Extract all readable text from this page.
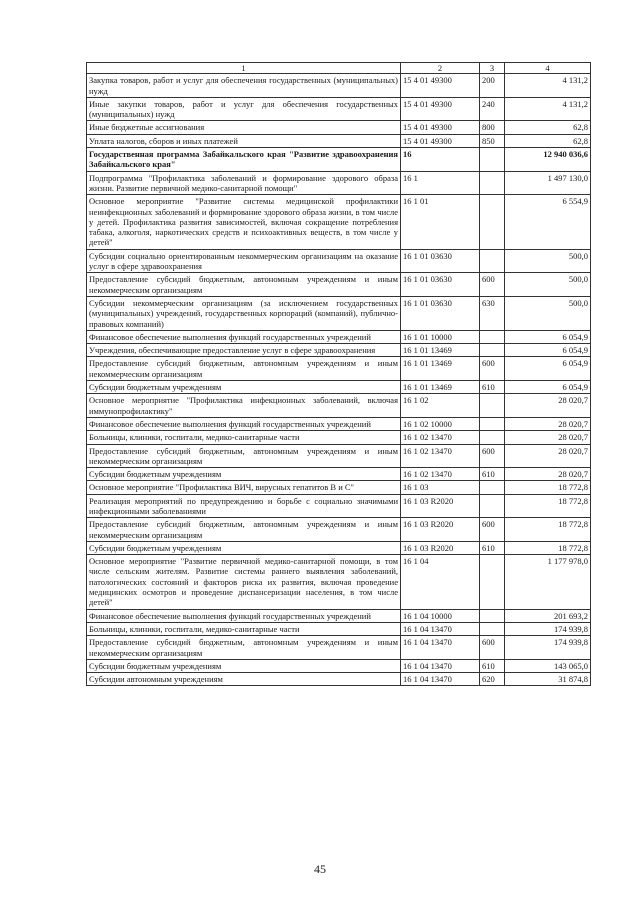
1	2	3	4
Закупка товаров, работ и услуг для обеспечения государственных (муниципальных) нужд	15 4 01 49300	200	4 131,2
Иные закупки товаров, работ и услуг для обеспечения государственных (муниципальных) нужд	15 4 01 49300	240	4 131,2
Иные бюджетные ассигнования	15 4 01 49300	800	62,8
Уплата налогов, сборов и иных платежей	15 4 01 49300	850	62,8
Государственная программа Забайкальского края "Развитие здравоохранения Забайкальского края"	16		12 940 036,6
Подпрограмма "Профилактика заболеваний и формирование здорового образа жизни. Развитие первичной медико-санитарной помощи"	16 1		1 497 130,0
Основное мероприятие "Развитие системы медицинской профилактики неинфекционных заболеваний и формирование здорового образа жизни, в том числе у детей. Профилактика развития зависимостей, включая сокращение потребления табака, алкоголя, наркотических средств и психоактивных веществ, в том числе у детей"	16 1 01		6 554,9
Субсидии социально ориентированным некоммерческим организациям на оказание услуг в сфере здравоохранения	16 1 01 03630		500,0
Предоставление субсидий бюджетным, автономным учреждениям и иным некоммерческим организациям	16 1 01 03630	600	500,0
Субсидии некоммерческим организациям (за исключением государственных (муниципальных) учреждений, государственных корпораций (компаний), публично-правовых компаний)	16 1 01 03630	630	500,0
Финансовое обеспечение выполнения функций государственных учреждений	16 1 01 10000		6 054,9
Учреждения, обеспечивающие предоставление услуг в сфере здравоохранения	16 1 01 13469		6 054,9
Предоставление субсидий бюджетным, автономным учреждениям и иным некоммерческим организациям	16 1 01 13469	600	6 054,9
Субсидии бюджетным учреждениям	16 1 01 13469	610	6 054,9
Основное мероприятие "Профилактика инфекционных заболеваний, включая иммунопрофилактику"	16 1 02		28 020,7
Финансовое обеспечение выполнения функций государственных учреждений	16 1 02 10000		28 020,7
Больницы, клиники, госпитали, медико-санитарные части	16 1 02 13470		28 020,7
Предоставление субсидий бюджетным, автономным учреждениям и иным некоммерческим организациям	16 1 02 13470	600	28 020,7
Субсидии бюджетным учреждениям	16 1 02 13470	610	28 020,7
Основное мероприятие "Профилактика ВИЧ, вирусных гепатитов В и С"	16 1 03		18 772,8
Реализация мероприятий по предупреждению и борьбе с социально значимыми инфекционными заболеваниями	16 1 03 R2020		18 772,8
Предоставление субсидий бюджетным, автономным учреждениям и иным некоммерческим организациям	16 1 03 R2020	600	18 772,8
Субсидии бюджетным учреждениям	16 1 03 R2020	610	18 772,8
Основное мероприятие "Развитие первичной медико-санитарной помощи, в том числе сельским жителям. Развитие системы раннего выявления заболеваний, патологических состояний и факторов риска их развития, включая проведение медицинских осмотров и проведение диспансеризации населения, в том числе детей"	16 1 04		1 177 978,0
Финансовое обеспечение выполнения функций государственных учреждений	16 1 04 10000		201 693,2
Больницы, клиники, госпитали, медико-санитарные части	16 1 04 13470		174 939,8
Предоставление субсидий бюджетным, автономным учреждениям и иным некоммерческим организациям	16 1 04 13470	600	174 939,8
Субсидии бюджетным учреждениям	16 1 04 13470	610	143 065,0
Субсидии автономным учреждениям	16 1 04 13470	620	31 874,8
45
